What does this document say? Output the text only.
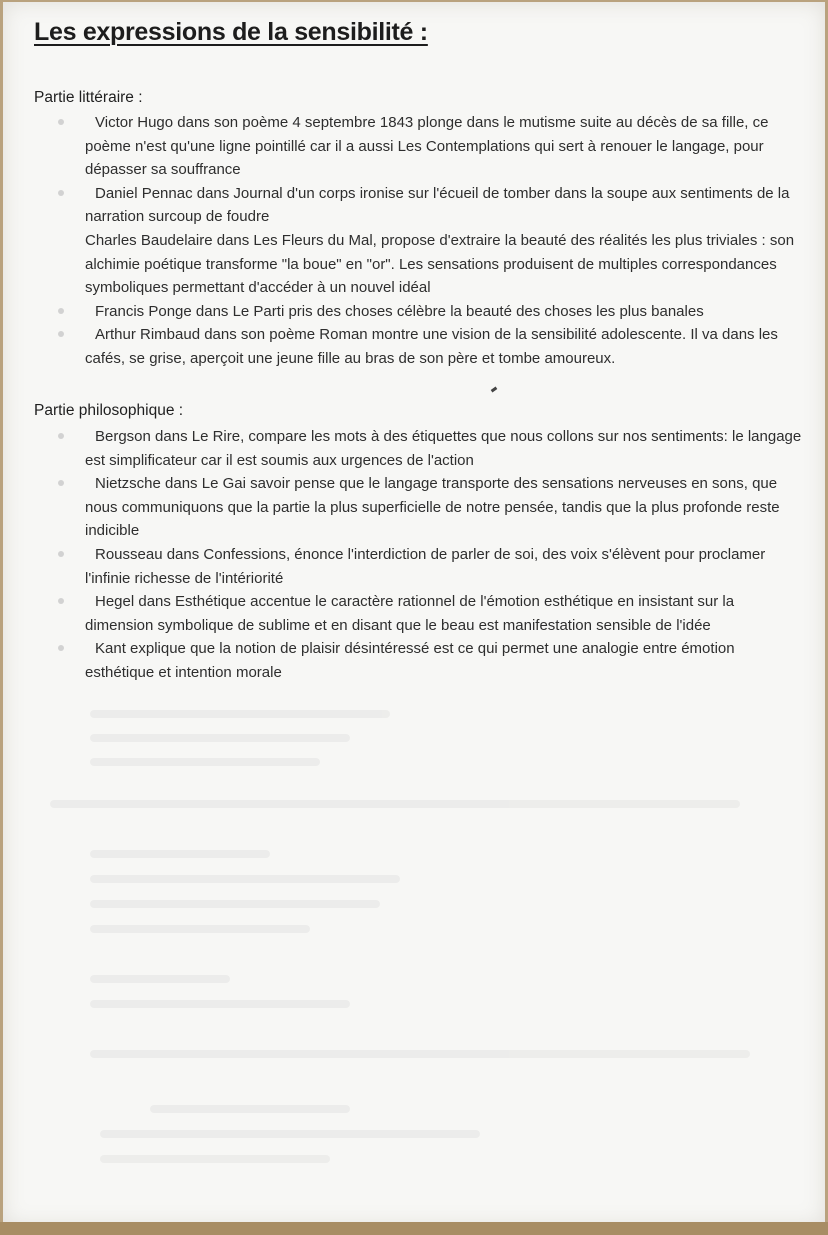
Les expressions de la sensibilité :
Partie littéraire :
Victor Hugo dans son poème 4 septembre 1843 plonge dans le mutisme suite au décès de sa fille, ce poème n'est qu'une ligne pointillé car il a aussi Les Contemplations qui sert à renouer le langage, pour dépasser sa souffrance
Daniel Pennac dans Journal d'un corps ironise sur l'écueil de tomber dans la soupe aux sentiments de la narration surcoup de foudre
Charles Baudelaire dans Les Fleurs du Mal, propose d'extraire la beauté des réalités les plus triviales : son alchimie poétique transforme "la boue" en "or". Les sensations produisent de multiples correspondances symboliques permettant d'accéder à un nouvel idéal
Francis Ponge dans Le Parti pris des choses célèbre la beauté des choses les plus banales
Arthur Rimbaud dans son poème Roman montre une vision de la sensibilité adolescente. Il va dans les cafés, se grise, aperçoit une jeune fille au bras de son père et tombe amoureux.
Partie philosophique :
Bergson dans Le Rire, compare les mots à des étiquettes que nous collons sur nos sentiments: le langage est simplificateur car il est soumis aux urgences de l'action
Nietzsche dans Le Gai savoir pense que le langage transporte des sensations nerveuses en sons, que nous communiquons que la partie la plus superficielle de notre pensée, tandis que la plus profonde reste indicible
Rousseau dans Confessions, énonce l'interdiction de parler de soi, des voix s'élèvent pour proclamer l'infinie richesse de l'intériorité
Hegel dans Esthétique accentue le caractère rationnel de l'émotion esthétique en insistant sur la dimension symbolique de sublime et en disant que le beau est manifestation sensible de l'idée
Kant explique que la notion de plaisir désintéressé est ce qui permet une analogie entre émotion esthétique et intention morale
